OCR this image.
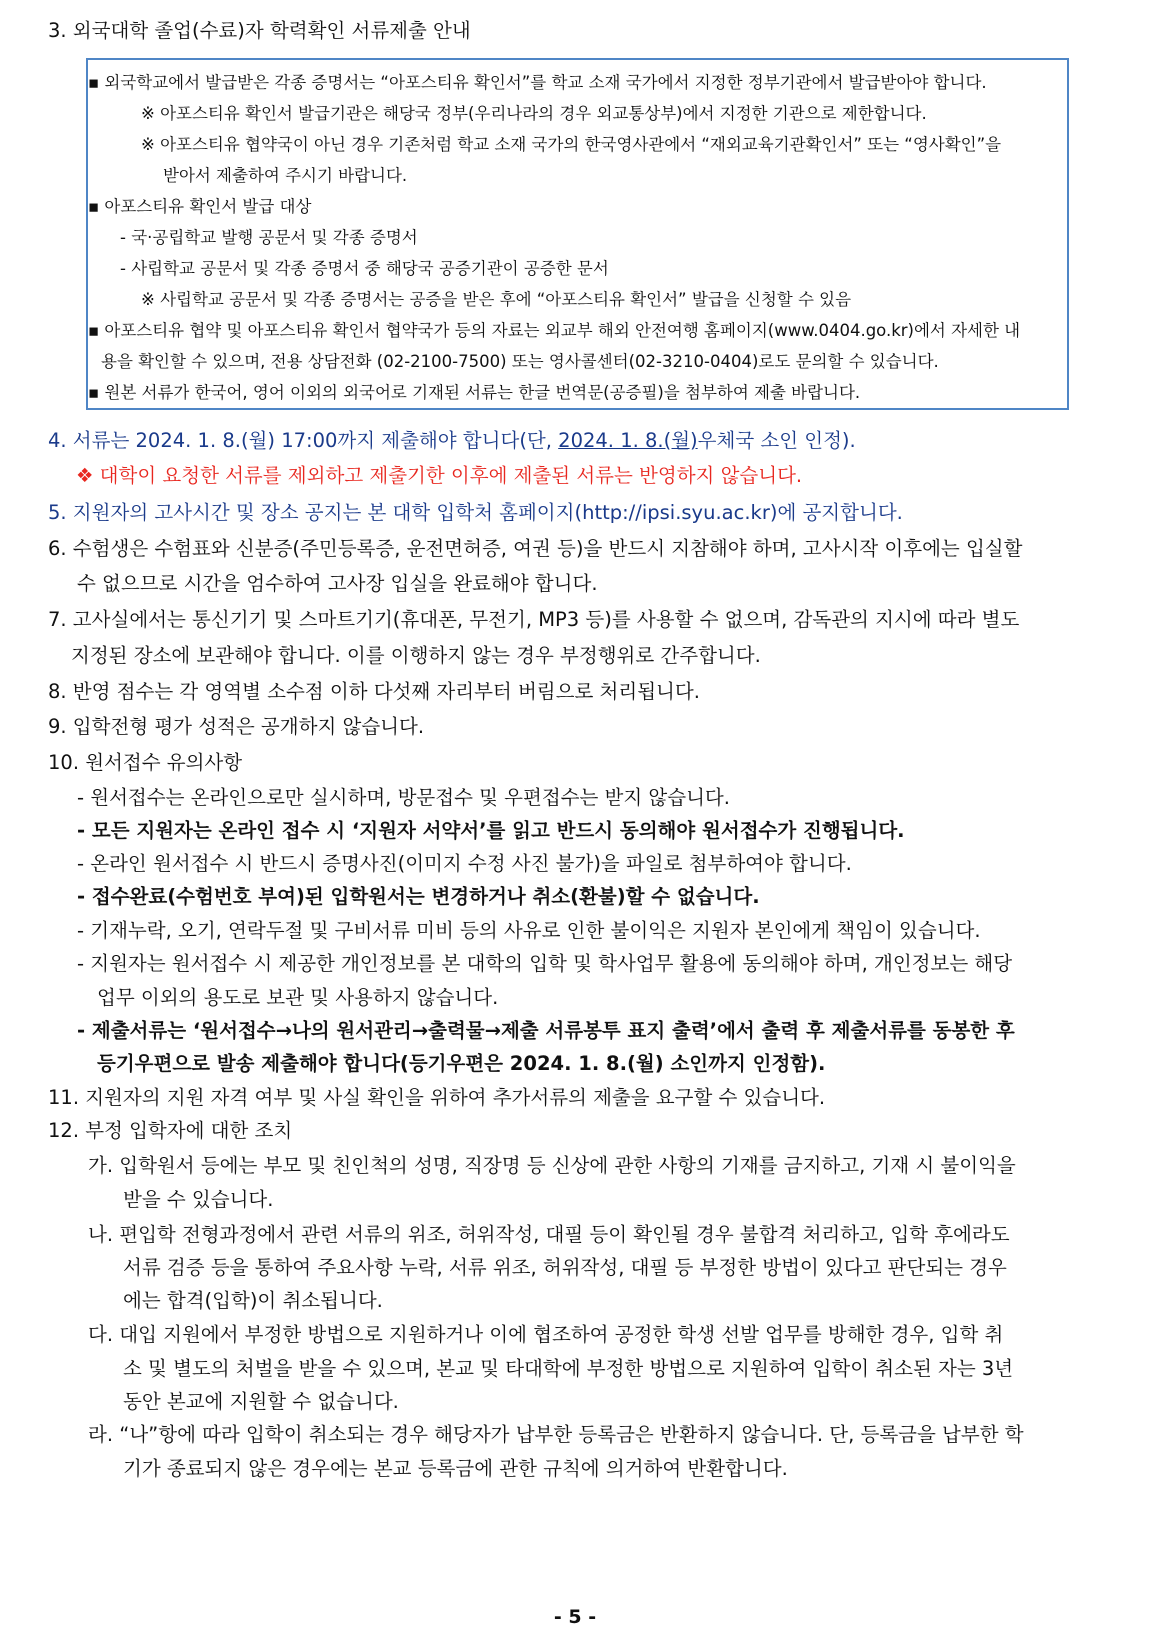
3. 외국대학 졸업(수료)자 학력확인 서류제출 안내
▪ 외국학교에서 발급받은 각종 증명서는 “아포스티유 확인서”를 학교 소재 국가에서 지정한 정부기관에서 발급받아야 합니다.
※ 아포스티유 확인서 발급기관은 해당국 정부(우리나라의 경우 외교통상부)에서 지정한 기관으로 제한합니다.
※ 아포스티유 협약국이 아닌 경우 기존처럼 학교 소재 국가의 한국영사관에서 “재외교육기관확인서” 또는 “영사확인”을
받아서 제출하여 주시기 바랍니다.
▪ 아포스티유 확인서 발급 대상
- 국·공립학교 발행 공문서 및 각종 증명서
- 사립학교 공문서 및 각종 증명서 중 해당국 공증기관이 공증한 문서
※ 사립학교 공문서 및 각종 증명서는 공증을 받은 후에 “아포스티유 확인서” 발급을 신청할 수 있음
▪ 아포스티유 협약 및 아포스티유 확인서 협약국가 등의 자료는 외교부 해외 안전여행 홈페이지(www.0404.go.kr)에서 자세한 내
용을 확인할 수 있으며, 전용 상담전화 (02-2100-7500) 또는 영사콜센터(02-3210-0404)로도 문의할 수 있습니다.
▪ 원본 서류가 한국어, 영어 이외의 외국어로 기재된 서류는 한글 번역문(공증필)을 첨부하여 제출 바랍니다.
4. 서류는 2024. 1. 8.(월) 17:00까지 제출해야 합니다(단, 2024. 1. 8.(월)우체국 소인 인정).
❖ 대학이 요청한 서류를 제외하고 제출기한 이후에 제출된 서류는 반영하지 않습니다.
5. 지원자의 고사시간 및 장소 공지는 본 대학 입학처 홈페이지(http://ipsi.syu.ac.kr)에 공지합니다.
6. 수험생은 수험표와 신분증(주민등록증, 운전면허증, 여권 등)을 반드시 지참해야 하며, 고사시작 이후에는 입실할
수 없으므로 시간을 엄수하여 고사장 입실을 완료해야 합니다.
7. 고사실에서는 통신기기 및 스마트기기(휴대폰, 무전기, MP3 등)를 사용할 수 없으며, 감독관의 지시에 따라 별도
지정된 장소에 보관해야 합니다. 이를 이행하지 않는 경우 부정행위로 간주합니다.
8. 반영 점수는 각 영역별 소수점 이하 다섯째 자리부터 버림으로 처리됩니다.
9. 입학전형 평가 성적은 공개하지 않습니다.
10. 원서접수 유의사항
- 원서접수는 온라인으로만 실시하며, 방문접수 및 우편접수는 받지 않습니다.
- 모든 지원자는 온라인 접수 시 ‘지원자 서약서’를 읽고 반드시 동의해야 원서접수가 진행됩니다.
- 온라인 원서접수 시 반드시 증명사진(이미지 수정 사진 불가)을 파일로 첨부하여야 합니다.
- 접수완료(수험번호 부여)된 입학원서는 변경하거나 취소(환불)할 수 없습니다.
- 기재누락, 오기, 연락두절 및 구비서류 미비 등의 사유로 인한 불이익은 지원자 본인에게 책임이 있습니다.
- 지원자는 원서접수 시 제공한 개인정보를 본 대학의 입학 및 학사업무 활용에 동의해야 하며, 개인정보는 해당
업무 이외의 용도로 보관 및 사용하지 않습니다.
- 제출서류는 ‘원서접수→나의 원서관리→출력물→제출 서류봉투 표지 출력’에서 출력 후 제출서류를 동봉한 후
등기우편으로 발송 제출해야 합니다(등기우편은 2024. 1. 8.(월) 소인까지 인정함).
11. 지원자의 지원 자격 여부 및 사실 확인을 위하여 추가서류의 제출을 요구할 수 있습니다.
12. 부정 입학자에 대한 조치
가. 입학원서 등에는 부모 및 친인척의 성명, 직장명 등 신상에 관한 사항의 기재를 금지하고, 기재 시 불이익을
받을 수 있습니다.
나. 편입학 전형과정에서 관련 서류의 위조, 허위작성, 대필 등이 확인될 경우 불합격 처리하고, 입학 후에라도
서류 검증 등을 통하여 주요사항 누락, 서류 위조, 허위작성, 대필 등 부정한 방법이 있다고 판단되는 경우
에는 합격(입학)이 취소됩니다.
다. 대입 지원에서 부정한 방법으로 지원하거나 이에 협조하여 공정한 학생 선발 업무를 방해한 경우, 입학 취
소 및 별도의 처벌을 받을 수 있으며, 본교 및 타대학에 부정한 방법으로 지원하여 입학이 취소된 자는 3년
동안 본교에 지원할 수 없습니다.
라. “나”항에 따라 입학이 취소되는 경우 해당자가 납부한 등록금은 반환하지 않습니다. 단, 등록금을 납부한 학
기가 종료되지 않은 경우에는 본교 등록금에 관한 규칙에 의거하여 반환합니다.
- 5 -
